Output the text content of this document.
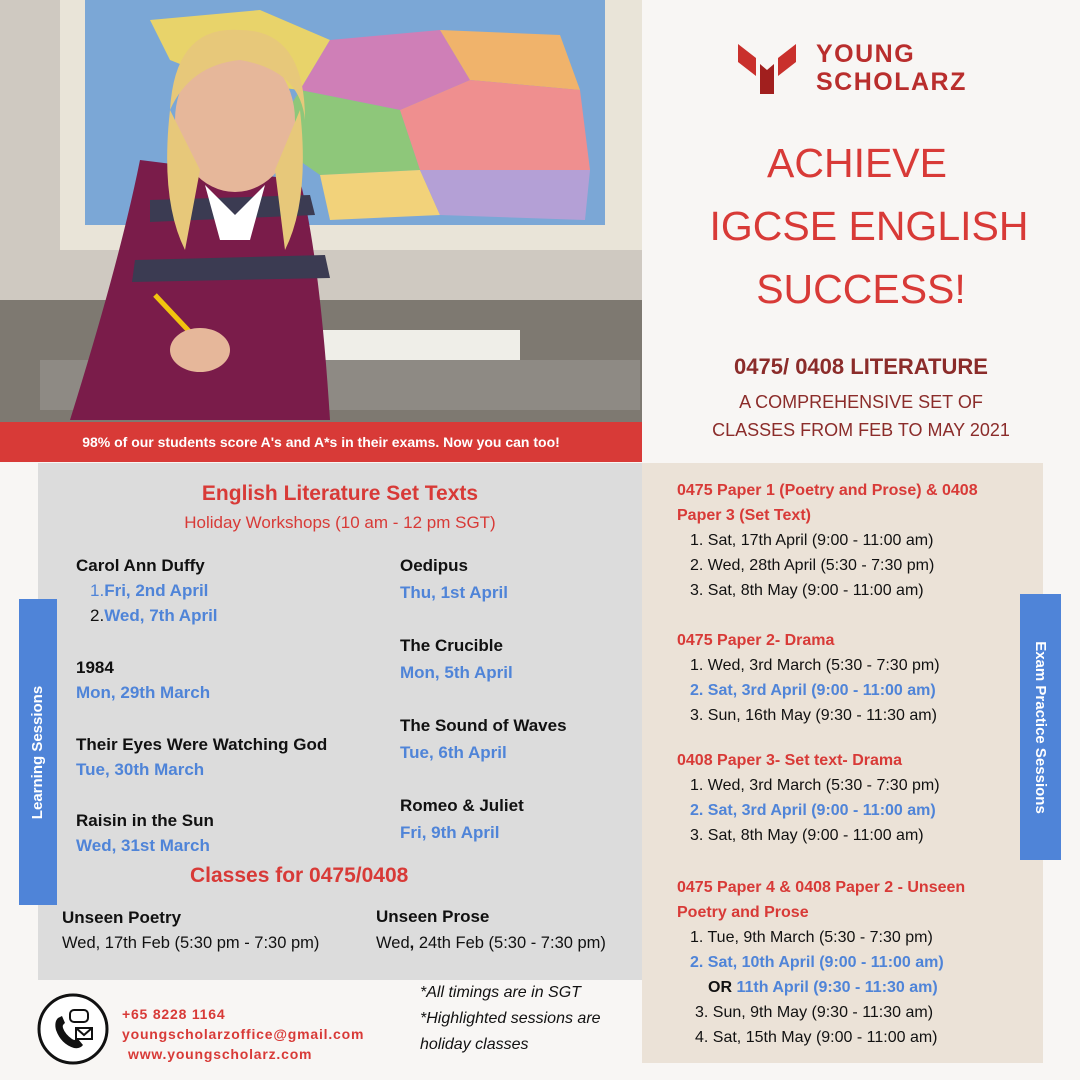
98% of our students score A's and A*s in their exams. Now you can too!
YOUNG
SCHOLARZ
ACHIEVE
IGCSE ENGLISH
SUCCESS!
0475/ 0408 LITERATURE
A COMPREHENSIVE SET OF
CLASSES FROM FEB TO MAY 2021
Learning Sessions
English Literature Set Texts
Holiday Workshops (10 am - 12 pm SGT)
Carol Ann Duffy
1.Fri, 2nd April
2.Wed, 7th April
1984
Mon, 29th March
Their Eyes Were Watching God
Tue, 30th March
Raisin in the Sun
Wed, 31st March
Oedipus
Thu, 1st April
The Crucible
Mon, 5th April
The Sound of Waves
Tue, 6th April
Romeo & Juliet
Fri, 9th April
Classes for 0475/0408
Unseen Poetry
Wed, 17th Feb (5:30 pm - 7:30 pm)
Unseen Prose
Wed, 24th Feb (5:30 - 7:30 pm)
Exam Practice Sessions
0475 Paper 1 (Poetry and Prose) & 0408
Paper 3 (Set Text)
1. Sat, 17th April (9:00 - 11:00 am)
2. Wed, 28th April (5:30 - 7:30 pm)
3. Sat, 8th May (9:00 - 11:00 am)
0475 Paper 2- Drama
1. Wed, 3rd March (5:30 - 7:30 pm)
2. Sat, 3rd April (9:00 - 11:00 am)
3. Sun, 16th May (9:30 - 11:30 am)
0408 Paper 3- Set text- Drama
1. Wed, 3rd March (5:30 - 7:30 pm)
2. Sat, 3rd April (9:00 - 11:00 am)
3. Sat, 8th May (9:00 - 11:00 am)
0475 Paper 4 & 0408 Paper 2 - Unseen
Poetry and Prose
1. Tue, 9th March (5:30 - 7:30 pm)
2. Sat, 10th April (9:00 - 11:00 am)
OR 11th April (9:30 - 11:30 am)
3. Sun, 9th May (9:30 - 11:30 am)
4. Sat, 15th May (9:00 - 11:00 am)
+65 8228 1164
youngscholarzoffice@gmail.com
www.youngscholarz.com
*All timings are in SGT
*Highlighted sessions are
holiday classes
